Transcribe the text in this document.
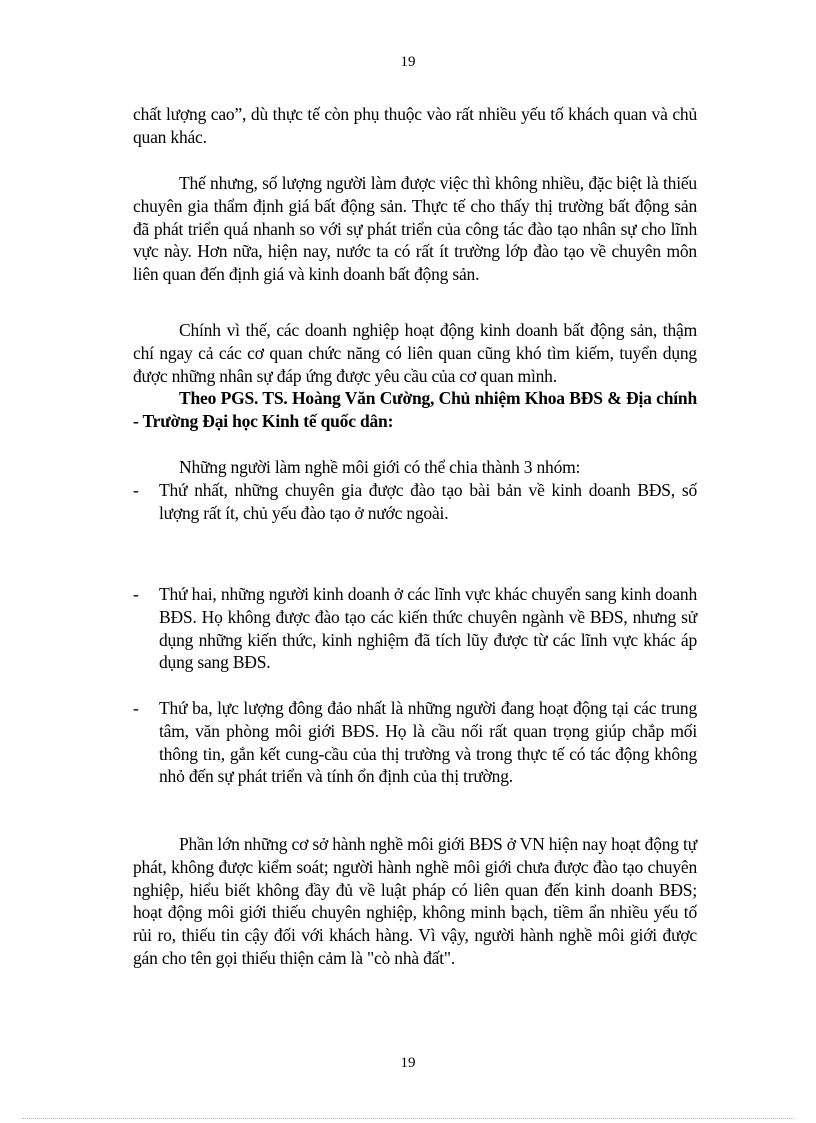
19
chất lượng cao”, dù thực tế còn phụ thuộc vào rất nhiều yếu tố khách quan và chủ quan khác.
Thế nhưng, số lượng người làm được việc thì không nhiều, đặc biệt là thiếu chuyên gia thẩm định giá bất động sản. Thực tế cho thấy thị trường bất động sản đã phát triển quá nhanh so với sự phát triển của công tác đào tạo nhân sự cho lĩnh vực này. Hơn nữa, hiện nay, nước ta có rất ít trường lớp đào tạo về chuyên môn liên quan đến định giá và kinh doanh bất động sản.
Chính vì thế, các doanh nghiệp hoạt động kinh doanh bất động sản, thậm chí ngay cả các cơ quan chức năng có liên quan cũng khó tìm kiếm, tuyển dụng được những nhân sự đáp ứng được yêu cầu của cơ quan mình.
Theo PGS. TS. Hoàng Văn Cường, Chủ nhiệm Khoa BĐS & Địa chính - Trường Đại học Kinh tế quốc dân:
Những người làm nghề môi giới có thể chia thành 3 nhóm:
- Thứ nhất, những chuyên gia được đào tạo bài bản về kinh doanh BĐS, số lượng rất ít, chủ yếu đào tạo ở nước ngoài.
- Thứ hai, những người kinh doanh ở các lĩnh vực khác chuyển sang kinh doanh BĐS. Họ không được đào tạo các kiến thức chuyên ngành về BĐS, nhưng sử dụng những kiến thức, kinh nghiệm đã tích lũy được từ các lĩnh vực khác áp dụng sang BĐS.
- Thứ ba, lực lượng đông đảo nhất là những người đang hoạt động tại các trung tâm, văn phòng môi giới BĐS. Họ là cầu nối rất quan trọng giúp chắp mối thông tin, gắn kết cung-cầu của thị trường và trong thực tế có tác động không nhỏ đến sự phát triển và tính ổn định của thị trường.
Phần lớn những cơ sở hành nghề môi giới BĐS ở VN hiện nay hoạt động tự phát, không được kiểm soát; người hành nghề môi giới chưa được đào tạo chuyên nghiệp, hiểu biết không đầy đủ về luật pháp có liên quan đến kinh doanh BĐS; hoạt động môi giới thiếu chuyên nghiệp, không minh bạch, tiềm ẩn nhiều yếu tố rủi ro, thiếu tin cậy đối với khách hàng. Vì vậy, người hành nghề môi giới được gán cho tên gọi thiếu thiện cảm là "cò nhà đất".
19
